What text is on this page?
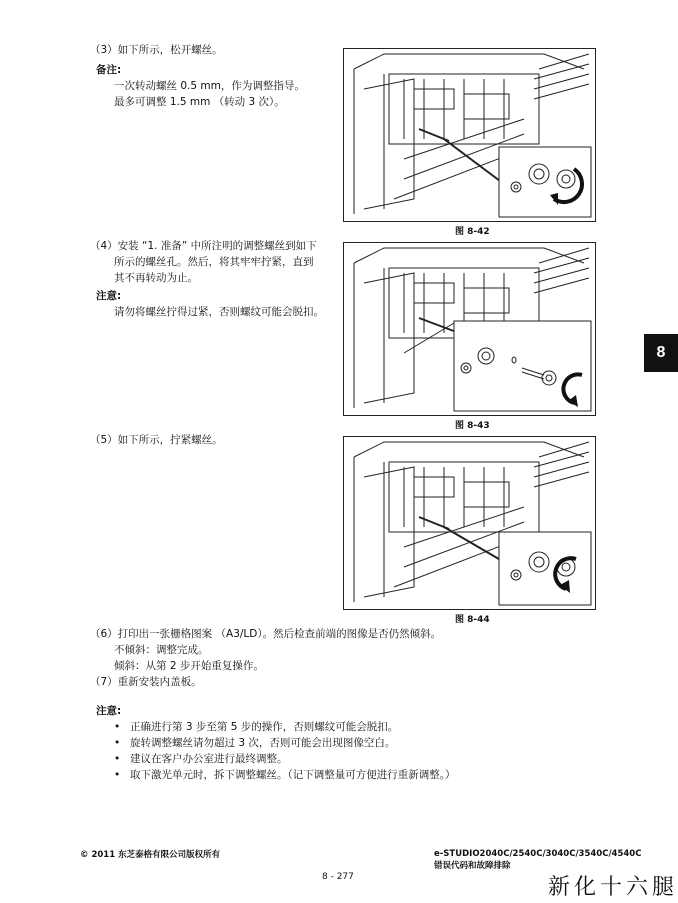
（3）如下所示，松开螺丝。
备注:
一次转动螺丝 0.5 mm，作为调整指导。
最多可调整 1.5 mm （转动 3 次）。
图 8-42
（4）安装 “1. 准备” 中所注明的调整螺丝到如下
所示的螺丝孔。然后，将其牢牢拧紧，直到
其不再转动为止。
注意:
请勿将螺丝拧得过紧，否则螺纹可能会脱扣。
图 8-43
（5）如下所示，拧紧螺丝。
图 8-44
（6）打印出一张栅格图案 （A3/LD）。然后检查前端的图像是否仍然倾斜。
不倾斜：调整完成。
倾斜：从第 2 步开始重复操作。
（7）重新安装内盖板。
注意:
• 正确进行第 3 步至第 5 步的操作，否则螺纹可能会脱扣。
• 旋转调整螺丝请勿超过 3 次，否则可能会出现图像空白。
• 建议在客户办公室进行最终调整。
• 取下激光单元时，拆下调整螺丝。（记下调整量可方便进行重新调整。）
8
© 2011 东芝泰格有限公司版权所有	e-STUDIO2040C/2540C/3040C/3540C/4540C
错误代码和故障排除
8 - 277	新化十六腿
